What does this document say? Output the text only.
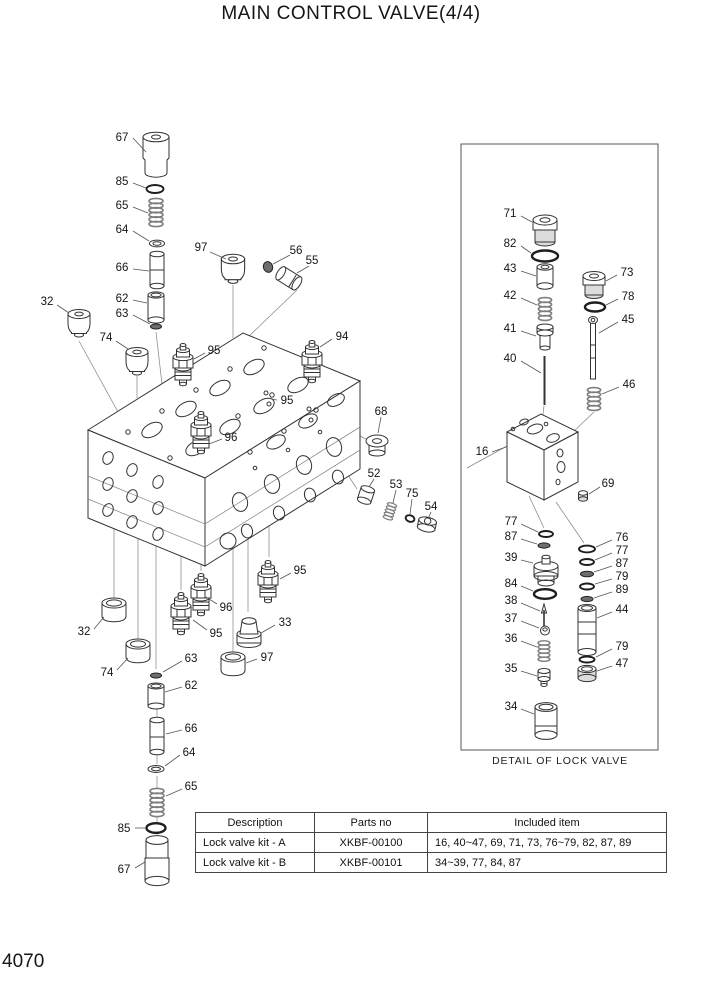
MAIN CONTROL VALVE(4/4)
71
82
43
42
41
40
73
78
45
46
16
69
77
87
39
84
38
37
36
35
34
76
77
87
79
89
44
79
47
67
85
65
64
66
62
63
97	56
55
32
74	94
95
95
96
68
52
53
75
54
32
74
95
96
95
33
97
63
62
66
64
65
85
67
DETAIL OF LOCK VALVE
Description	Parts no	Included item
Lock valve kit - A	XKBF-00100	16, 40~47, 69, 71, 73, 76~79, 82, 87, 89
Lock valve kit - B	XKBF-00101	34~39, 77, 84, 87
4070
